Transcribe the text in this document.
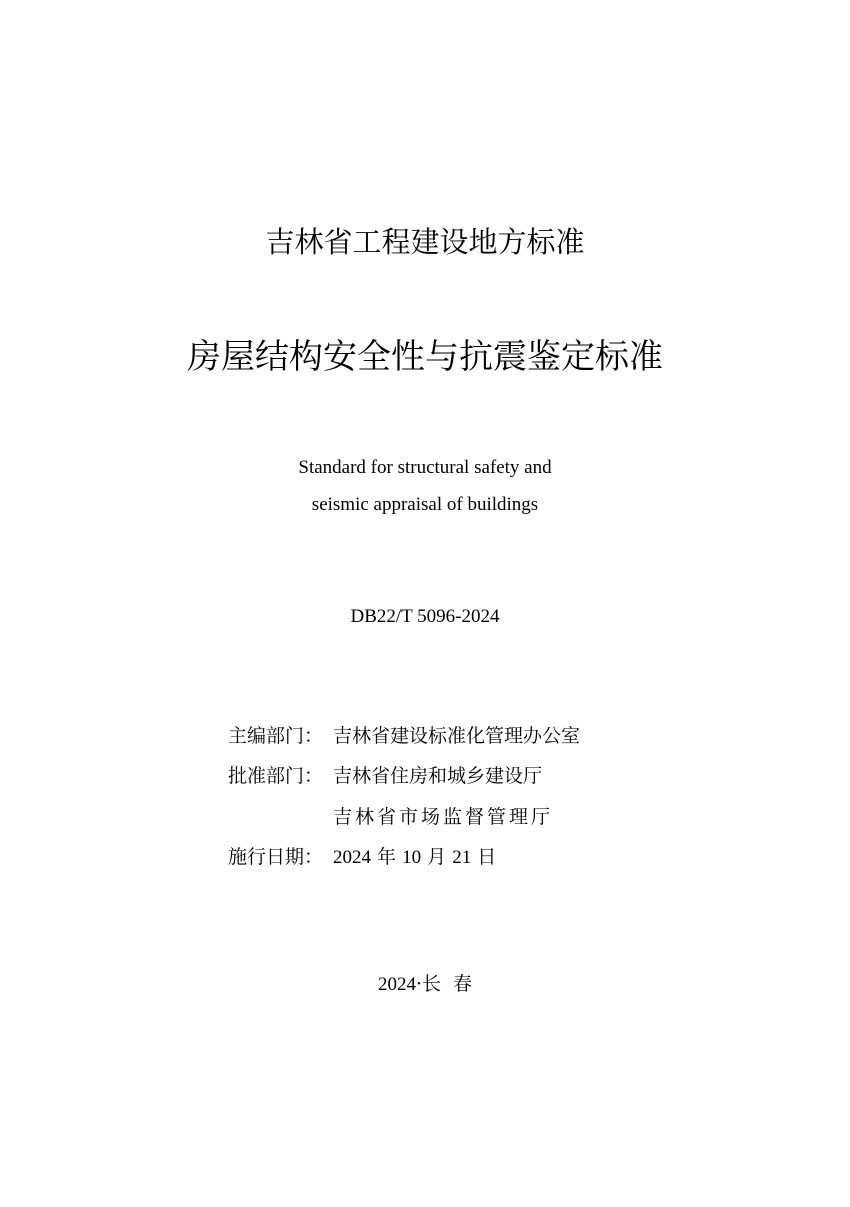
吉林省工程建设地方标准
房屋结构安全性与抗震鉴定标准
Standard for structural safety and
seismic appraisal of buildings
DB22/T 5096-2024
主编部门： 吉林省建设标准化管理办公室
批准部门： 吉林省住房和城乡建设厅
吉林省市场监督管理厅
施行日期： 2024 年 10 月 21 日
2024·长  春
